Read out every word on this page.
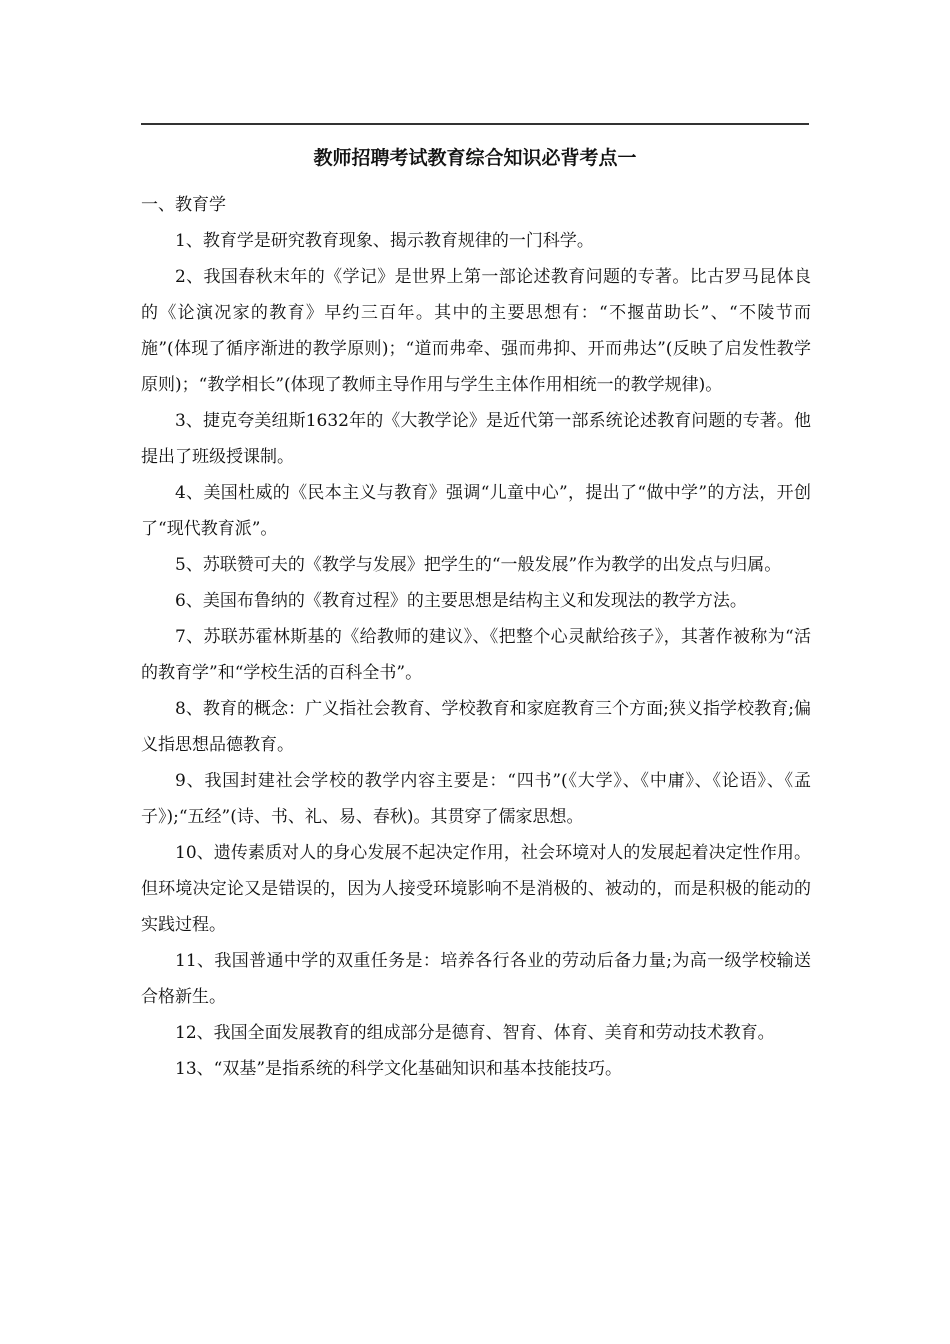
教师招聘考试教育综合知识必背考点一

一、教育学

1、教育学是研究教育现象、揭示教育规律的一门科学。

2、我国春秋末年的《学记》是世界上第一部论述教育问题的专著。比古罗马昆体良的《论演况家的教育》早约三百年。其中的主要思想有：“不揠苗助长”、“不陵节而施”(体现了循序渐进的教学原则)；“道而弗牵、强而弗抑、开而弗达”(反映了启发性教学原则)；“教学相长”(体现了教师主导作用与学生主体作用相统一的教学规律)。

3、捷克夸美纽斯1632年的《大教学论》是近代第一部系统论述教育问题的专著。他提出了班级授课制。

4、美国杜威的《民本主义与教育》强调“儿童中心”，提出了“做中学”的方法，开创了“现代教育派”。

5、苏联赞可夫的《教学与发展》把学生的“一般发展”作为教学的出发点与归属。

6、美国布鲁纳的《教育过程》的主要思想是结构主义和发现法的教学方法。

7、苏联苏霍林斯基的《给教师的建议》、《把整个心灵献给孩子》，其著作被称为“活的教育学”和“学校生活的百科全书”。

8、教育的概念：广义指社会教育、学校教育和家庭教育三个方面;狭义指学校教育;偏义指思想品德教育。

9、我国封建社会学校的教学内容主要是：“四书”(《大学》、《中庸》、《论语》、《孟子》);“五经”(诗、书、礼、易、春秋)。其贯穿了儒家思想。

10、遗传素质对人的身心发展不起决定作用，社会环境对人的发展起着决定性作用。但环境决定论又是错误的，因为人接受环境影响不是消极的、被动的，而是积极的能动的实践过程。

11、我国普通中学的双重任务是：培养各行各业的劳动后备力量;为高一级学校输送合格新生。

12、我国全面发展教育的组成部分是德育、智育、体育、美育和劳动技术教育。

13、“双基”是指系统的科学文化基础知识和基本技能技巧。
